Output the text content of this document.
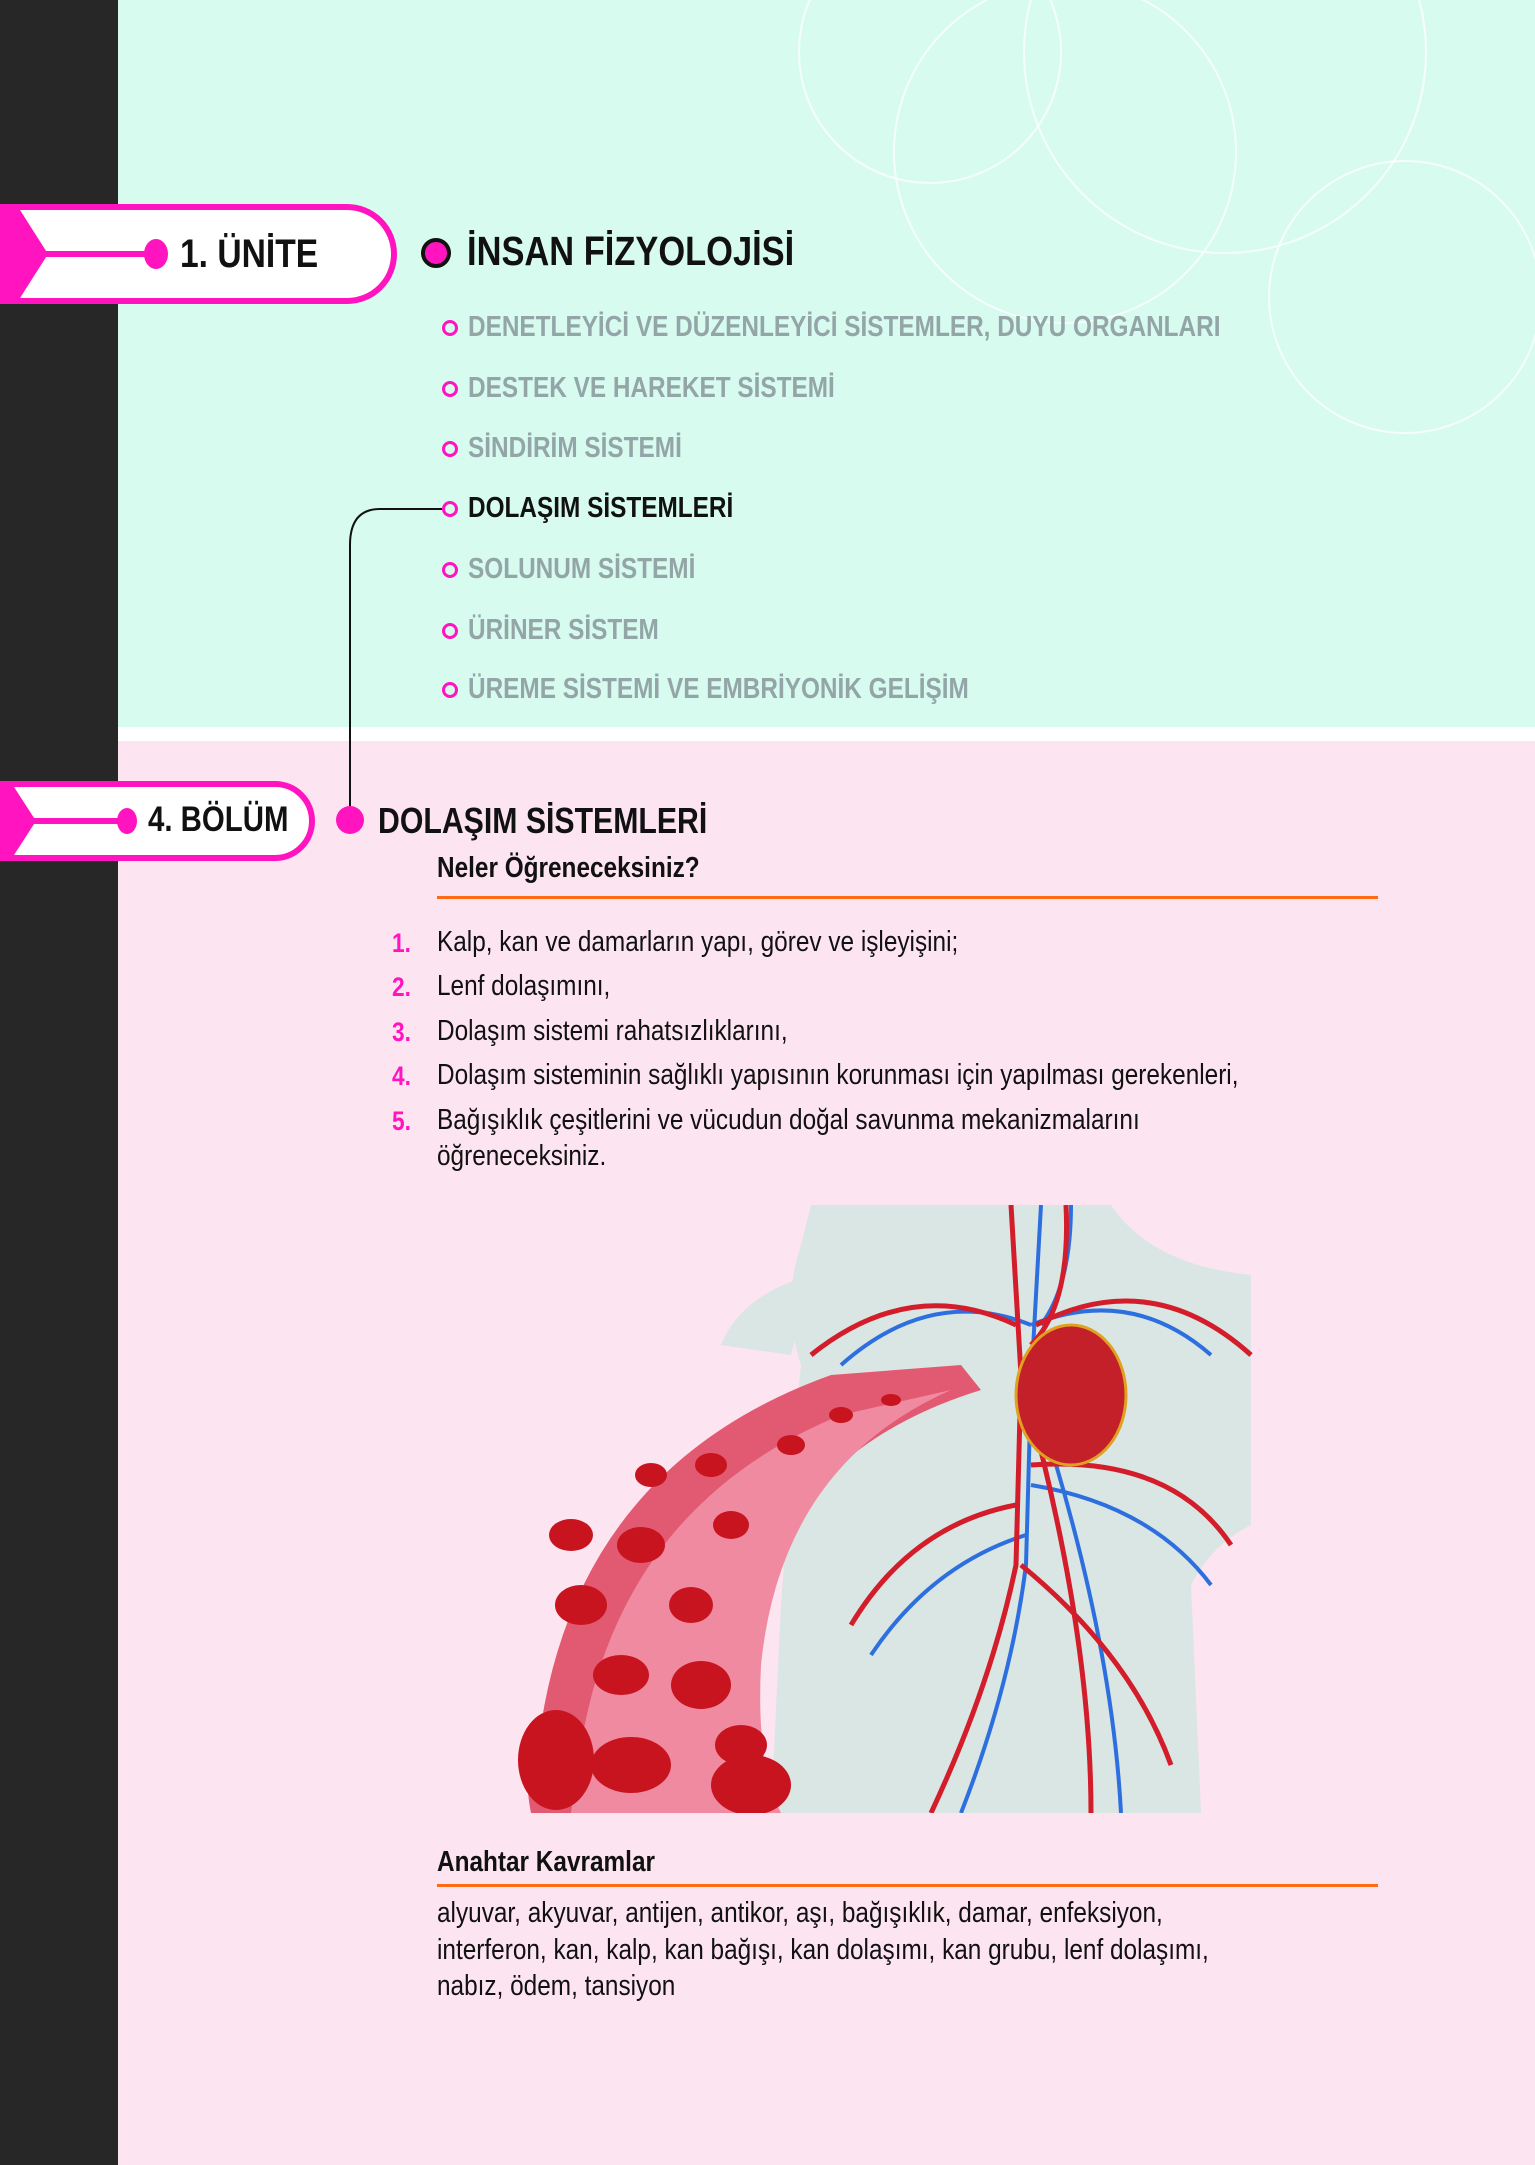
1. ÜNİTE	İNSAN FİZYOLOJİSİ
DENETLEYİCİ VE DÜZENLEYİCİ SİSTEMLER, DUYU ORGANLARI
DESTEK VE HAREKET SİSTEMİ
SİNDİRİM SİSTEMİ
DOLAŞIM SİSTEMLERİ
SOLUNUM SİSTEMİ
ÜRİNER SİSTEM
ÜREME SİSTEMİ VE EMBRİYONİK GELİŞİM
4. BÖLÜM	DOLAŞIM SİSTEMLERİ
Neler Öğreneceksiniz?
1. Kalp, kan ve damarların yapı, görev ve işleyişini;
2. Lenf dolaşımını,
3. Dolaşım sistemi rahatsızlıklarını,
4. Dolaşım sisteminin sağlıklı yapısının korunması için yapılması gerekenleri,
5. Bağışıklık çeşitlerini ve vücudun doğal savunma mekanizmalarını
öğreneceksiniz.
Anahtar Kavramlar
alyuvar, akyuvar, antijen, antikor, aşı, bağışıklık, damar, enfeksiyon,
interferon, kan, kalp, kan bağışı, kan dolaşımı, kan grubu, lenf dolaşımı,
nabız, ödem, tansiyon
